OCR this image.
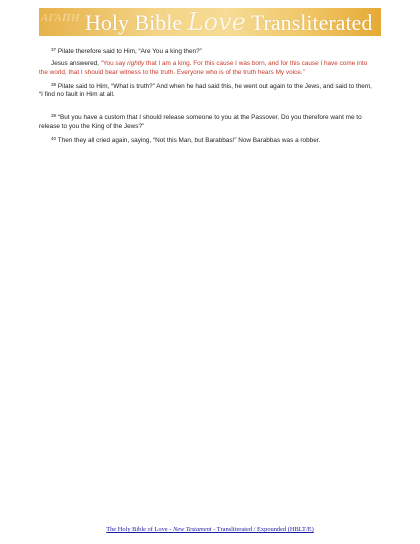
ΑΓΑΠΗ Holy Bible Love Transliterated

$^{37}$ Pilate therefore said to Him, “Are You a king then?”

Jesus answered, “You say rightly that I am a king. For this cause I was born, and for this cause I have come into the world, that I should bear witness to the truth. Everyone who is of the truth hears My voice.”

$^{38}$ Pilate said to Him, “What is truth?” And when he had said this, he went out again to the Jews, and said to them, “I find no fault in Him at all.

$^{39}$ “But you have a custom that I should release someone to you at the Passover. Do you therefore want me to release to you the King of the Jews?”

$^{40}$ Then they all cried again, saying, “Not this Man, but Barabbas!” Now Barabbas was a robber.

The Holy Bible of Love - New Testament - Transliterated / Expounded (HBLT/E)
